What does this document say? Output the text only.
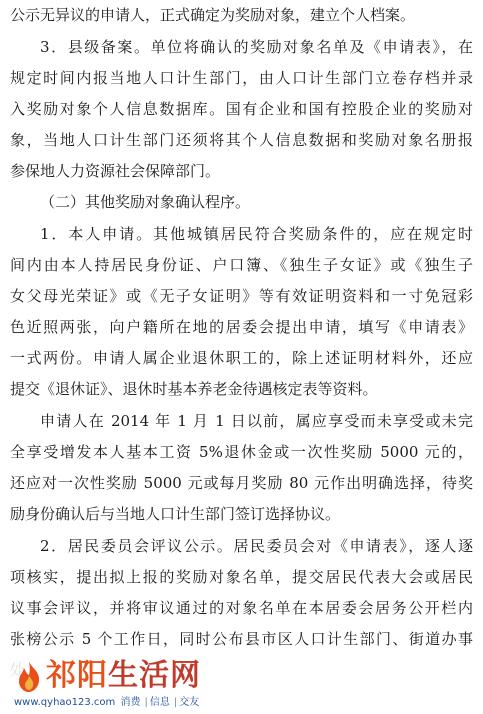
公示无异议的申请人，正式确定为奖励对象，建立个人档案。
3．县级备案。单位将确认的奖励对象名单及《申请表》，在
规定时间内报当地人口计生部门，由人口计生部门立卷存档并录
入奖励对象个人信息数据库。国有企业和国有控股企业的奖励对
象，当地人口计生部门还须将其个人信息数据和奖励对象名册报
参保地人力资源社会保障部门。
（二）其他奖励对象确认程序。
1．本人申请。其他城镇居民符合奖励条件的，应在规定时
间内由本人持居民身份证、户口簿、《独生子女证》或《独生子
女父母光荣证》或《无子女证明》等有效证明资料和一寸免冠彩
色近照两张，向户籍所在地的居委会提出申请，填写《申请表》
一式两份。申请人属企业退休职工的，除上述证明材料外，还应
提交《退休证》、退休时基本养老金待遇核定表等资料。
申请人在 2014 年 1 月 1 日以前，属应享受而未享受或未完
全享受增发本人基本工资 5%退休金或一次性奖励 5000 元的，
还应对一次性奖励 5000 元或每月奖励 80 元作出明确选择，待奖
励身份确认后与当地人口计生部门签订选择协议。
2．居民委员会评议公示。居民委员会对《申请表》，逐人逐
项核实，提出拟上报的奖励对象名单，提交居民代表大会或居民
议事会评议，并将审议通过的对象名单在本居委会居务公开栏内
张榜公示 5 个工作日，同时公布县市区人口计生部门、街道办事
祁阳生活网
www.qyhao123.com 消费 | 信息 | 交友
